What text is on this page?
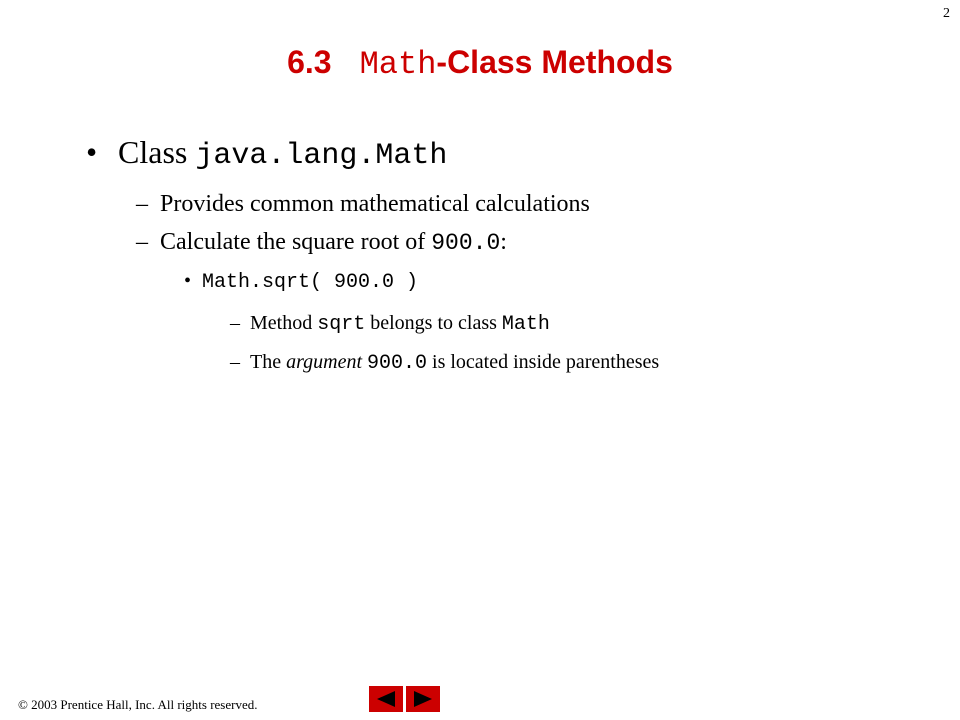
2
6.3 Math-Class Methods
• Class java.lang.Math
– Provides common mathematical calculations
– Calculate the square root of 900.0:
• Math.sqrt( 900.0 )
– Method sqrt belongs to class Math
– The argument 900.0 is located inside parentheses
© 2003 Prentice Hall, Inc. All rights reserved.
